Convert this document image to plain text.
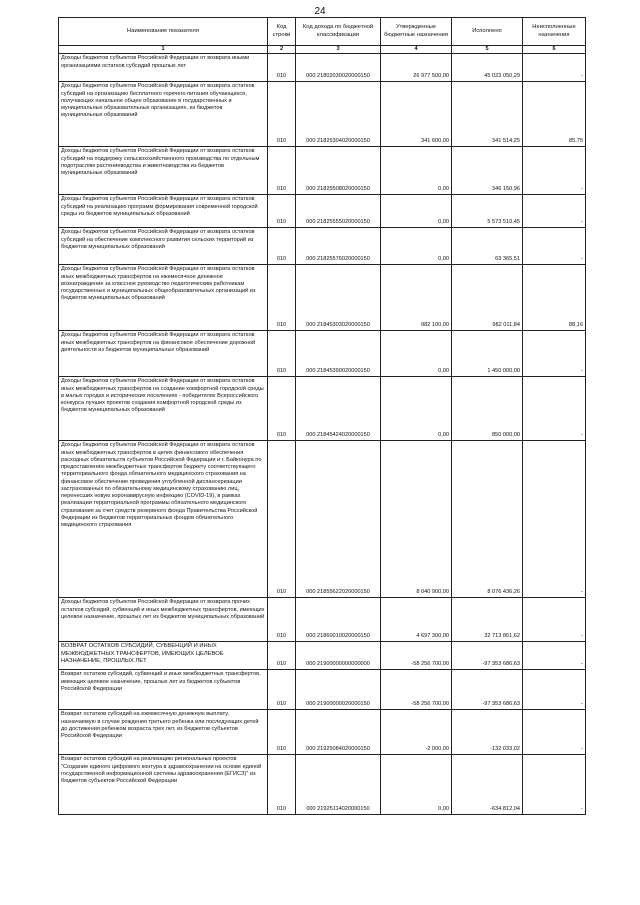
24
Наименование показателя	Код строки	Код дохода по бюджетной классификации	Утвержденные бюджетные назначения	Исполнено	Неисполненные назначения
1	2	3	4	5	6
Доходы бюджетов субъектов Российской Федерации от возврата иными организациями остатков субсидий прошлых лет	010	000 21802030020000150	26 977 500,00	45 023 050,29	-
Доходы бюджетов субъектов Российской Федерации от возврата остатков субсидий на организацию бесплатного горячего питания обучающихся, получающих начальное общее образование в государственных и муниципальных образовательных организациях, из бюджетов муниципальных образований	010	000 21825304020000150	341 600,00	341 514,25	85,75
Доходы бюджетов субъектов Российской Федерации от возврата остатков субсидий на поддержку сельскохозяйственного производства по отдельным подотраслям растениеводства и животноводства из бюджетов муниципальных образований	010	000 21825508020000150	0,00	346 150,96	-
Доходы бюджетов субъектов Российской Федерации от возврата остатков субсидий на реализацию программ формирования современной городской среды из бюджетов муниципальных образований	010	000 21825555020000150	0,00	5 573 510,45	-
Доходы бюджетов субъектов Российской Федерации от возврата остатков субсидий на обеспечение комплексного развития сельских территорий из бюджетов муниципальных образований	010	000 21825576020000150	0,00	63 365,51	-
Доходы бюджетов субъектов Российской Федерации от возврата остатков иных межбюджетных трансфертов на ежемесячное денежное вознаграждение за классное руководство педагогическим работникам государственных и муниципальных общеобразовательных организаций из бюджетов муниципальных образований	010	000 21845303020000150	982 100,00	982 011,84	88,16
Доходы бюджетов субъектов Российской Федерации от возврата остатков иных межбюджетных трансфертов на финансовое обеспечение дорожной деятельности из бюджетов муниципальных образований	010	000 21845390020000150	0,00	1 450 000,00	-
Доходы бюджетов субъектов Российской Федерации от возврата остатков иных межбюджетных трансфертов на создание комфортной городской среды в малых городах и исторических поселениях - победителях Всероссийского конкурса лучших проектов создания комфортной городской среды из бюджетов муниципальных образований	010	000 21845424020000150	0,00	850 000,00	-
Доходы бюджетов субъектов Российской Федерации от возврата остатков иных межбюджетных трансфертов в целях финансового обеспечения расходных обязательств субъектов Российской Федерации и г. Байконура по предоставлению межбюджетных трансфертов бюджету соответствующего территориального фонда обязательного медицинского страхования на финансовое обеспечение проведения углубленной диспансеризации застрахованных по обязательному медицинскому страхованию лиц, перенесших новую коронавирусную инфекцию (COVID-19), в рамках реализации территориальной программы обязательного медицинского страхования за счет средств резервного фонда Правительства Российской Федерации из бюджетов территориальных фондов обязательного медицинского страхования	010	000 21855622020000150	8 040 900,00	8 076 436,26	-
Доходы бюджетов субъектов Российской Федерации от возврата прочих остатков субсидий, субвенций и иных межбюджетных трансфертов, имеющих целевое назначение, прошлых лет из бюджетов муниципальных образований	010	000 21860010020000150	4 697 300,00	32 713 861,62	-
ВОЗВРАТ ОСТАТКОВ СУБСИДИЙ, СУБВЕНЦИЙ И ИНЫХ МЕЖБЮДЖЕТНЫХ ТРАНСФЕРТОВ, ИМЕЮЩИХ ЦЕЛЕВОЕ НАЗНАЧЕНИЕ, ПРОШЛЫХ ЛЕТ	010	000 21900000000000000	-58 256 700,00	-97 353 686,63	-
Возврат остатков субсидий, субвенций и иных межбюджетных трансфертов, имеющих целевое назначение, прошлых лет из бюджетов субъектов Российской Федерации	010	000 21900000020000150	-58 256 700,00	-97 353 686,63	-
Возврат остатков субсидий на ежемесячную денежную выплату, назначаемую в случае рождения третьего ребенка или последующих детей до достижения ребенком возраста трех лет, из бюджетов субъектов Российской Федерации	010	000 21925084020000150	-2 000,00	-132 033,02	-
Возврат остатков субсидий на реализацию региональных проектов "Создание единого цифрового контура в здравоохранении на основе единой государственной информационной системы здравоохранения (ЕГИСЗ)" из бюджетов субъектов Российской Федерации	010	000 21925114020000150	0,00	-634 812,04	-
